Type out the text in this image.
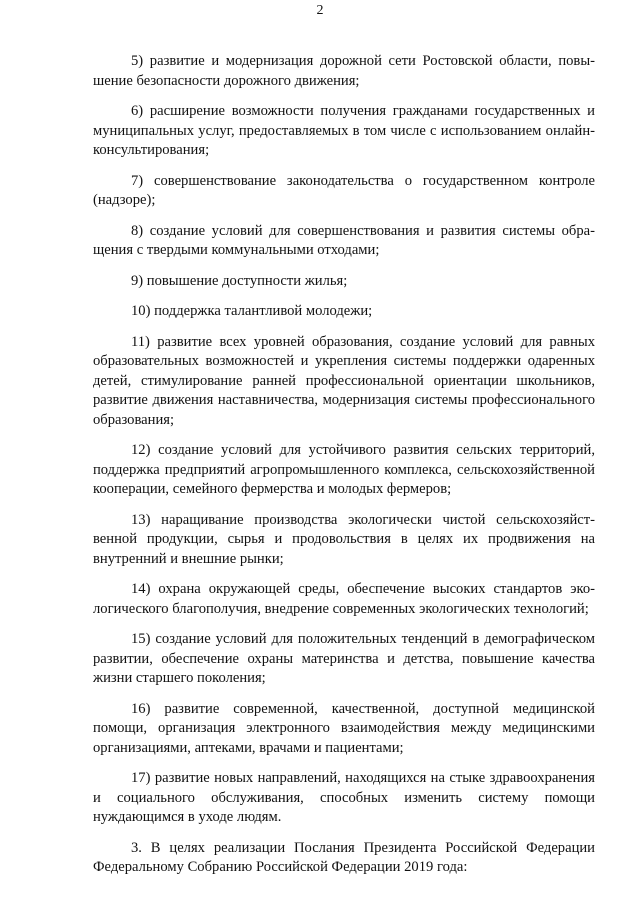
2

5) развитие и модернизация дорожной сети Ростовской области, повышение безопасности дорожного движения;

6) расширение возможности получения гражданами государственных и муниципальных услуг, предоставляемых в том числе с использованием онлайн-консультирования;

7) совершенствование законодательства о государственном контроле (надзоре);

8) создание условий для совершенствования и развития системы обращения с твердыми коммунальными отходами;

9) повышение доступности жилья;

10) поддержка талантливой молодежи;

11) развитие всех уровней образования, создание условий для равных образовательных возможностей и укрепления системы поддержки одаренных детей, стимулирование ранней профессиональной ориентации школьников, развитие движения наставничества, модернизация системы профессионального образования;

12) создание условий для устойчивого развития сельских территорий, поддержка предприятий агропромышленного комплекса, сельскохозяйственной кооперации, семейного фермерства и молодых фермеров;

13) наращивание производства экологически чистой сельскохозяйственной продукции, сырья и продовольствия в целях их продвижения на внутренний и внешние рынки;

14) охрана окружающей среды, обеспечение высоких стандартов экологического благополучия, внедрение современных экологических технологий;

15) создание условий для положительных тенденций в демографическом развитии, обеспечение охраны материнства и детства, повышение качества жизни старшего поколения;

16) развитие современной, качественной, доступной медицинской помощи, организация электронного взаимодействия между медицинскими организациями, аптеками, врачами и пациентами;

17) развитие новых направлений, находящихся на стыке здравоохранения и социального обслуживания, способных изменить систему помощи нуждающимся в уходе людям.

3. В целях реализации Послания Президента Российской Федерации Федеральному Собранию Российской Федерации 2019 года:
